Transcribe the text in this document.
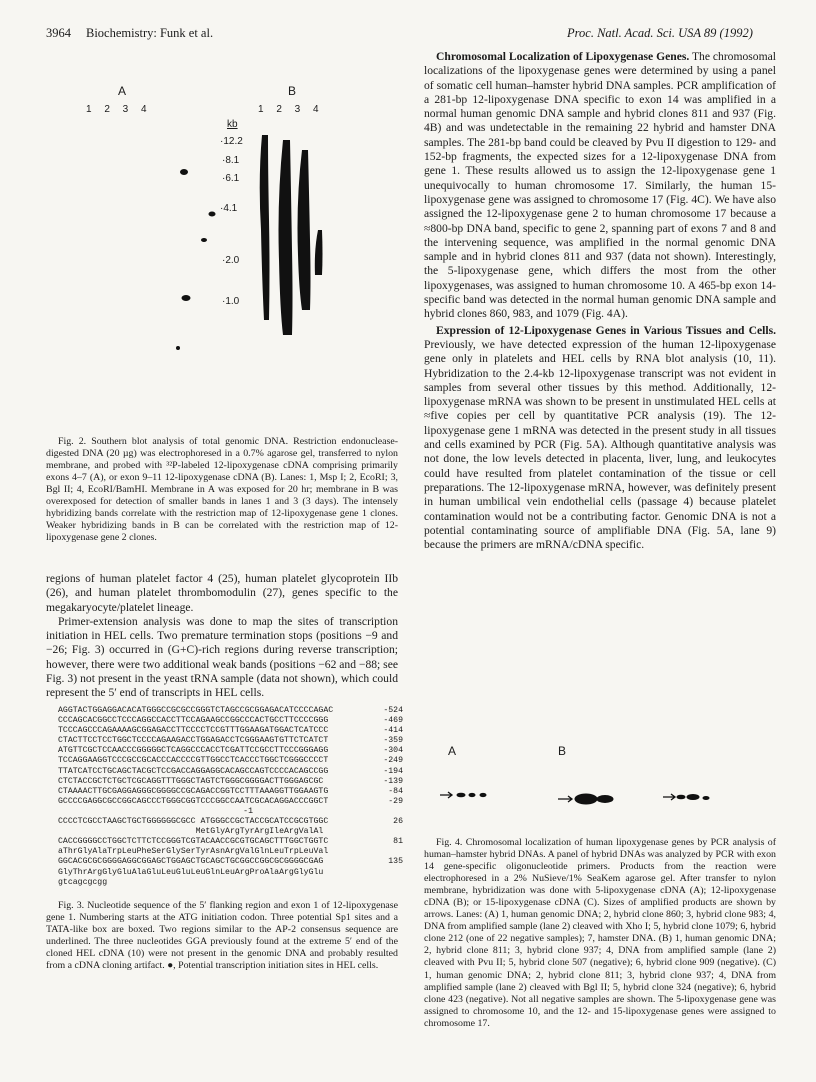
3964 Biochemistry: Funk et al.	Proc. Natl. Acad. Sci. USA 89 (1992)
A	B
1 2 3 4	1 2 3 4
kb
·12.2
·8.1
·6.1
·4.1
·2.0
·1.0

Fig. 2. Southern blot analysis of total genomic DNA. Restriction endonuclease-digested DNA (20 µg) was electrophoresed in a 0.7% agarose gel, transferred to nylon membrane, and probed with ³²P-labeled 12-lipoxygenase cDNA comprising primarily exons 4–7 (A), or exon 9–11 12-lipoxygenase cDNA (B). Lanes: 1, Msp I; 2, EcoRI; 3, Bgl II; 4, EcoRI/BamHI. Membrane in A was exposed for 20 hr; membrane in B was overexposed for detection of smaller bands in lanes 1 and 3 (3 days). The intensely hybridizing bands correlate with the restriction map of 12-lipoxygenase gene 1 clones. Weaker hybridizing bands in B can be correlated with the restriction map of 12-lipoxygenase gene 2 clones.

regions of human platelet factor 4 (25), human platelet glycoprotein IIb (26), and human platelet thrombomodulin (27), genes specific to the megakaryocyte/platelet lineage.

Primer-extension analysis was done to map the sites of transcription initiation in HEL cells. Two premature termination stops (positions −9 and −26; Fig. 3) occurred in (G+C)-rich regions during reverse transcription; however, there were two additional weak bands (positions −62 and −88; see Fig. 3) not present in the yeast tRNA sample (data not shown), which could represent the 5′ end of transcripts in HEL cells.

AGGTACTGGAGGACACATGGGCCGCGCCGGGTCTAGCCGCGGAGACATCCCCAGAC	-524
CCCAGCACGGCCTCCCAGGCCACCTTCCAGAAGCCGGCCCACTGCCTTCCCCGGG	-469
TCCCAGCCCAGAAAAGCGGAGACCTTCCCCTCCGTTTGGAAGATGGACTCATCCC	-414
CTACTTCCTCCTGGCTCCCCAGAAGACCTGGAGACCTCGGGAAGTGTTCTCATCT	-359
ATGTTCGCTCCAACCCGGGGGCTCAGGCCCACCTCGATTCCGCCTTCCCGGGAGG	-304
TCCAGGAAGGTCCCGCCGCACCCACCCCGTTGGCCTCACCCTGGCTCGGGCCCCT	-249
TTATCATCCTGCAGCTACGCTCCGACCAGGAGGCACAGCCAGTCCCCACAGCCGG	-194
CTCTACCGCTCTGCTCGCAGGTTTGGGCTAGTCTGGGCGGGGACTTGGGAGCGC	-139
CTAAAACTTGCGAGGAGGGCGGGGCCGCAGACCGGTCCTTTAAAGGTTGGAAGTG	-84
GCCCCGAGGCGCCGGCAGCCCTGGGCGGTCCCGGCCAATCGCACAGGACCCGGCT	-29
-1
CCCCTCGCCTAAGCTGCTGGGGGGCGCC ATGGGCCGCTACCGCATCCGCGTGGC	26
MetGlyArgTyrArgIleArgValAl
CACCGGGGCCTGGCTCTTCTCCGGGTCGTACAACCGCGTGCAGCTTTGGCTGGTC	81
aThrGlyAlaTrpLeuPheSerGlySerTyrAsnArgValGlnLeuTrpLeuVal
GGCACGCGCGGGGAGGCGGAGCTGGAGCTGCAGCTGCGGCCGGCGCGGGGCGAG	135
GlyThrArgGlyGluAlaGluLeuGluLeuGlnLeuArgProAlaArgGlyGlu
gtcagcgcgg

Fig. 3. Nucleotide sequence of the 5′ flanking region and exon 1 of 12-lipoxygenase gene 1. Numbering starts at the ATG initiation codon. Three potential Sp1 sites and a TATA-like box are boxed. Two regions similar to the AP-2 consensus sequence are underlined. The three nucleotides GGA previously found at the extreme 5′ end of the cloned HEL cDNA (10) were not present in the genomic DNA and probably resulted from a cDNA cloning artifact. ●, Potential transcription initiation sites in HEL cells.

Chromosomal Localization of Lipoxygenase Genes. The chromosomal localizations of the lipoxygenase genes were determined by using a panel of somatic cell human–hamster hybrid DNA samples. PCR amplification of a 281-bp 12-lipoxygenase DNA specific to exon 14 was amplified in a normal human genomic DNA sample and hybrid clones 811 and 937 (Fig. 4B) and was undetectable in the remaining 22 hybrid and hamster DNA samples. The 281-bp band could be cleaved by Pvu II digestion to 129- and 152-bp fragments, the expected sizes for a 12-lipoxygenase DNA from gene 1. These results allowed us to assign the 12-lipoxygenase gene 1 unequivocally to human chromosome 17. Similarly, the human 15-lipoxygenase gene was assigned to chromosome 17 (Fig. 4C). We have also assigned the 12-lipoxygenase gene 2 to human chromosome 17 because a ≈800-bp DNA band, specific to gene 2, spanning part of exons 7 and 8 and the intervening sequence, was amplified in the normal genomic DNA sample and in hybrid clones 811 and 937 (data not shown). Interestingly, the 5-lipoxygenase gene, which differs the most from the other lipoxygenases, was assigned to human chromosome 10. A 465-bp exon 14-specific band was detected in the normal human genomic DNA sample and hybrid clones 860, 983, and 1079 (Fig. 4A).

Expression of 12-Lipoxygenase Genes in Various Tissues and Cells. Previously, we have detected expression of the human 12-lipoxygenase gene only in platelets and HEL cells by RNA blot analysis (10, 11). Hybridization to the 2.4-kb 12-lipoxygenase transcript was not evident in samples from several other tissues by this method. Additionally, 12-lipoxygenase mRNA was shown to be present in unstimulated HEL cells at ≈five copies per cell by quantitative PCR analysis (19). The 12-lipoxygenase gene 1 mRNA was detected in the present study in all tissues and cells examined by PCR (Fig. 5A). Although quantitative analysis was not done, the low levels detected in placenta, liver, lung, and leukocytes could have resulted from platelet contamination of the tissue or cell preparations. The 12-lipoxygenase mRNA, however, was definitely present in human umbilical vein endothelial cells (passage 4) because platelet contamination would not be a contributing factor. Genomic DNA is not a potential contaminating source of amplifiable DNA (Fig. 5A, lane 9) because the primers are mRNA/cDNA specific.

A	B

Fig. 4. Chromosomal localization of human lipoxygenase genes by PCR analysis of human–hamster hybrid DNAs. A panel of hybrid DNAs was analyzed by PCR with exon 14 gene-specific oligonucleotide primers. Products from the reaction were electrophoresed in a 2% NuSieve/1% SeaKem agarose gel. After transfer to nylon membrane, hybridization was done with 5-lipoxygenase cDNA (A); 12-lipoxygenase cDNA (B); or 15-lipoxygenase cDNA (C). Sizes of amplified products are shown by arrows. Lanes: (A) 1, human genomic DNA; 2, hybrid clone 860; 3, hybrid clone 983; 4, DNA from amplified sample (lane 2) cleaved with Xho I; 5, hybrid clone 1079; 6, hybrid clone 212 (one of 22 negative samples); 7, hamster DNA. (B) 1, human genomic DNA; 2, hybrid clone 811; 3, hybrid clone 937; 4, DNA from amplified sample (lane 2) cleaved with Pvu II; 5, hybrid clone 507 (negative); 6, hybrid clone 909 (negative). (C) 1, human genomic DNA; 2, hybrid clone 811; 3, hybrid clone 937; 4, DNA from amplified sample (lane 2) cleaved with Bgl II; 5, hybrid clone 324 (negative); 6, hybrid clone 423 (negative). Not all negative samples are shown. The 5-lipoxygenase gene was assigned to chromosome 10, and the 12- and 15-lipoxygenase genes were assigned to chromosome 17.
